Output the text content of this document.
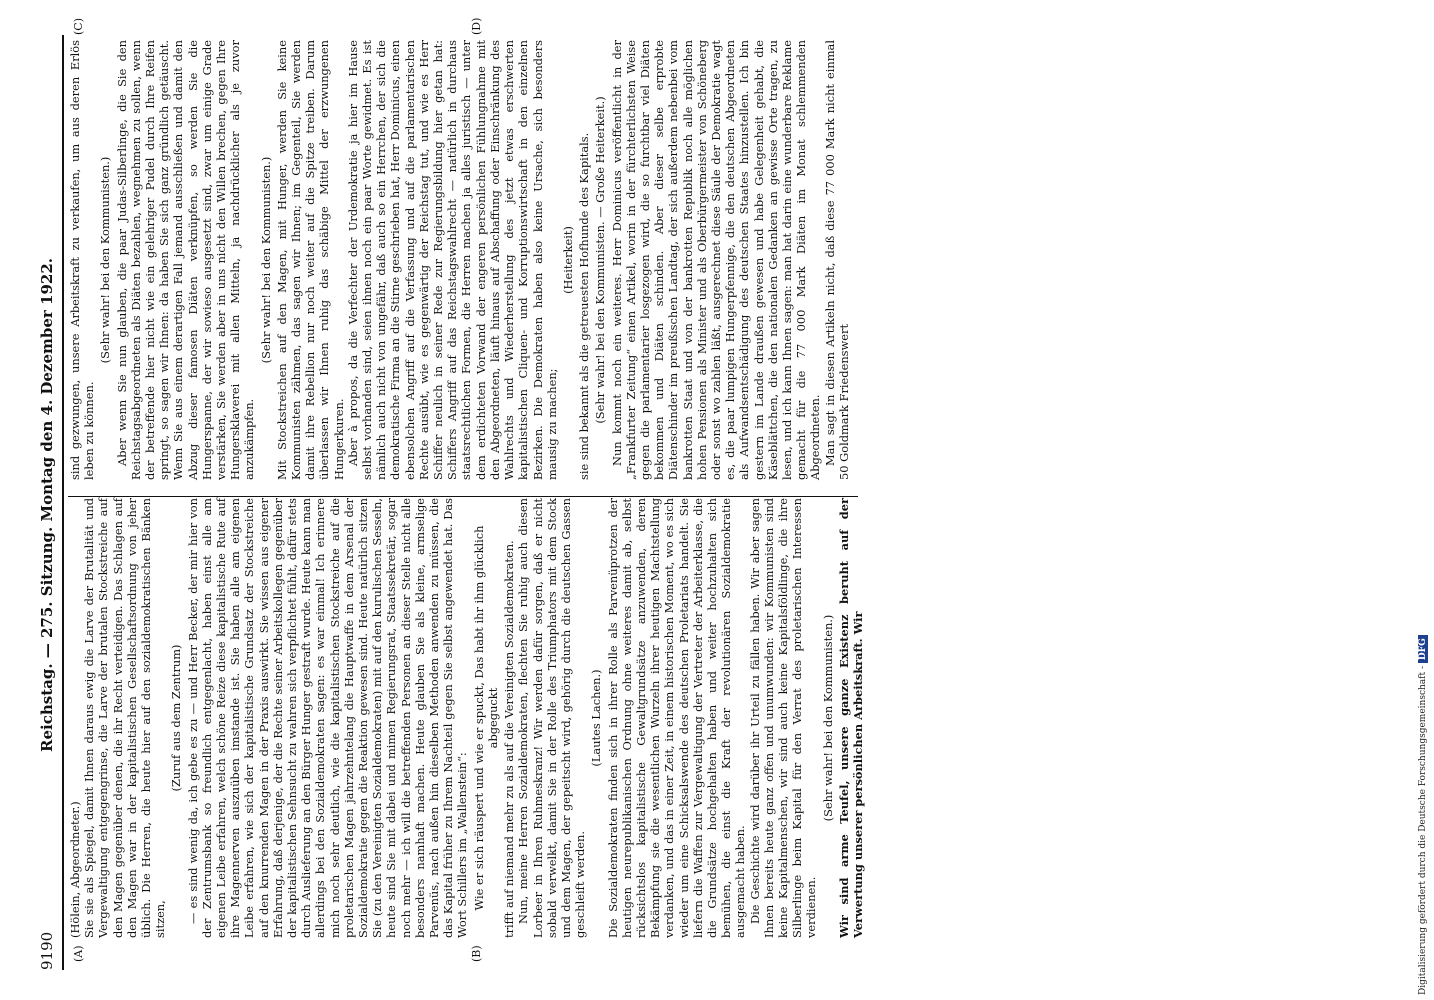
9190
Reichstag. — 275. Sitzung. Montag den 4. Dezember 1922.
(A)	(B)
(C)	(D)

(Hölein, Abgeordneter.) Sie sie als Spiegel, damit Ihnen daraus ewig die Larve der Brutalität und Vergewaltigung entgegengrinse, die Larve der brutalen Stockstreiche auf den Magen gegenüber denen, die ihr Recht verteidigen. Das Schlagen auf den Magen war in der kapitalistischen Gesellschaftsordnung von jeher üblich. Die Herren, die heute hier auf den sozialdemokratischen Bänken sitzen,

(Zuruf aus dem Zentrum) — es sind wenig da, ich gebe es zu — und Herr Becker, der mir hier von der Zentrumsbank so freundlich entgegenlacht, haben einst alle am eigenen Leibe erfahren, welch schöne Reize diese kapitalistische Rute auf ihre Magennerven auszuüben imstande ist. Sie haben alle am eigenen Leibe erfahren, wie sich der kapitalistische Grundsatz der Stockstreiche auf den knurrenden Magen in der Praxis auswirkt. Sie wissen aus eigener Erfahrung, daß derjenige, der die Rechte seiner Arbeitskollegen gegenüber der kapitalistischen Sehnsucht zu wahren sich verpflichtet fühlt, dafür stets durch Auslieferung an den Bürger Hunger gestraft wurde. Heute kann man allerdings bei den Sozialdemokraten sagen: es war einmal! Ich erinnere mich noch sehr deutlich, wie die kapitalistischen Stockstreiche auf die proletarischen Magen jahrzehntelang die Hauptwaffe in dem Arsenal der Sozialdemokratie gegen die Reaktion gewesen sind. Heute natürlich sitzen Sie (zu den Vereinigten Sozialdemokraten) mit auf den kurulischen Sesseln, heute sind Sie mit dabei und mimen Regierungsrat, Staatssekretär, sogar noch mehr — ich will die betreffenden Personen an dieser Stelle nicht alle besonders namhaft machen. Heute glauben Sie als kleine, armselige Parvenüs, nach außen hin dieselben Methoden anwenden zu müssen, die das Kapital früher zu Ihrem Nachteil gegen Sie selbst angewendet hat. Das Wort Schillers im „Wallenstein“: Wie er sich räuspert und wie er spuckt, Das habt ihr ihm glücklich abgeguckt trifft auf niemand mehr zu als auf die Vereinigten Sozialdemokraten. Nun, meine Herren Sozialdemokraten, flechten Sie ruhig auch diesen Lorbeer in Ihren Ruhmeskranz! Wir werden dafür sorgen, daß er nicht sobald verwelkt, damit Sie in der Rolle des Triumphators mit dem Stock und dem Magen, der gepeitscht wird, gehörig durch die deutschen Gassen geschleift werden.

(Lautes Lachen.) Die Sozialdemokraten finden sich in ihrer Rolle als Parvenüprotzen der heutigen neurepublikanischen Ordnung ohne weiteres damit ab, selbst rücksichtslos kapitalistische Gewaltgrundsätze anzuwenden, deren Bekämpfung sie die wesentlichen Wurzeln ihrer heutigen Machtstellung verdanken, und das in einer Zeit, in einem historischen Moment, wo es sich wieder um eine Schicksalswende des deutschen Proletariats handelt. Sie liefern die Waffen zur Vergewaltigung der Vertreter der Arbeiterklasse, die die Grundsätze hochgehalten haben und weiter hochzuhalten sich bemühen, die einst die Kraft der revolutionären Sozialdemokratie ausgemacht haben. Die Geschichte wird darüber ihr Urteil zu fällen haben. Wir aber sagen Ihnen bereits heute ganz offen und unumwunden: wir Kommunisten sind keine Kapitalmenschen, wir sind auch keine Kapitalsföldlinge, die ihre Silberlinge beim Kapital für den Verrat des proletarischen Interessen verdienen.

(Sehr wahr! bei den Kommunisten.) Wir sind arme Teufel, unsere ganze Existenz beruht auf der Verwertung unserer persönlichen Arbeitskraft. Wir

sind gezwungen, unsere Arbeitskraft zu verkaufen, um aus deren Erlös leben zu können.

(Sehr wahr! bei den Kommunisten.) Aber wenn Sie nun glauben, die paar Judas-Silberlinge, die Sie den Reichstagsabgeordneten als Diäten bezahlen, wegnehmen zu sollen, wenn der betreffende hier nicht wie ein gelehriger Pudel durch Ihre Reifen springt, so sagen wir Ihnen: da haben Sie sich ganz gründlich getäuscht. Wenn Sie aus einem derartigen Fall jemand ausschließen und damit den Abzug dieser famosen Diäten verknüpfen, so werden Sie die Hungerspanne, der wir sowieso ausgesetzt sind, zwar um einige Grade verstärken, Sie werden aber in uns nicht den Willen brechen, gegen Ihre Hungersklaverei mit allen Mitteln, ja nachdrücklicher als je zuvor anzukämpfen.

(Sehr wahr! bei den Kommunisten.) Mit Stockstreichen auf den Magen, mit Hunger, werden Sie keine Kommunisten zähmen, das sagen wir Ihnen; im Gegenteil, Sie werden damit ihre Rebellion nur noch weiter auf die Spitze treiben. Darum überlassen wir Ihnen ruhig das schäbige Mittel der erzwungenen Hungerkuren. Aber à propos, da die Verfechter der Urdemokratie ja hier im Hause selbst vorhanden sind, seien ihnen noch ein paar Worte gewidmet. Es ist nämlich auch nicht von ungefähr, daß auch so ein Herrchen, der sich die demokratische Firma an die Stirne geschrieben hat, Herr Dominicus, einen ebensolchen Angriff auf die Verfassung und auf die parlamentarischen Rechte ausübt, wie es gegenwärtig der Reichstag tut, und wie es Herr Schiffer neulich in seiner Rede zur Regierungsbildung hier getan hat: Schiffers Angriff auf das Reichstagswahlrecht — natürlich in durchaus staatsrechtlichen Formen, die Herren machen ja alles juristisch — unter dem erdichteten Vorwand der engeren persönlichen Fühlungnahme mit den Abgeordneten, läuft hinaus auf Abschaffung oder Einschränkung des Wahlrechts und Wiederherstellung des jetzt etwas erschwerten kapitalistischen Cliquen- und Korruptionswirtschaft in den einzelnen Bezirken. Die Demokraten haben also keine Ursache, sich besonders mausig zu machen;

(Heiterkeit) sie sind bekannt als die getreuesten Hofhunde des Kapitals. (Sehr wahr! bei den Kommunisten. — Große Heiterkeit.) Nun kommt noch ein weiteres. Herr Dominicus veröffentlicht in der „Frankfurter Zeitung“ einen Artikel, worin in der fürchterlichsten Weise gegen die parlamentarier losgezogen wird, die so furchtbar viel Diäten bekommen und Diäten schinden. Aber dieser selbe erprobte Diätenschinder im preußischen Landtag, der sich außerdem nebenbei vom bankrotten Staat und von der bankrotten Republik noch alle möglichen hohen Pensionen als Minister und als Oberbürgermeister von Schöneberg oder sonst wo zahlen läßt, ausgerechnet diese Säule der Demokratie wagt es, die paar lumpigen Hungerpfennige, die den deutschen Abgeordneten als Aufwandsentschädigung des deutschen Staates hinzustellen. Ich bin gestern im Lande draußen gewesen und habe Gelegenheit gehabt, die Käseblättchen, die den nationalen Gedanken an gewisse Orte tragen, zu lesen, und ich kann Ihnen sagen: man hat darin eine wunderbare Reklame gemacht für die 77 000 Mark Diäten im Monat schlemmenden Abgeordneten. Man sagt in diesen Artikeln nicht, daß diese 77 000 Mark nicht einmal 50 Goldmark Friedenswert

Digitalisierung gefördert durch die Deutsche Forschungsgemeinschaft - DFG
